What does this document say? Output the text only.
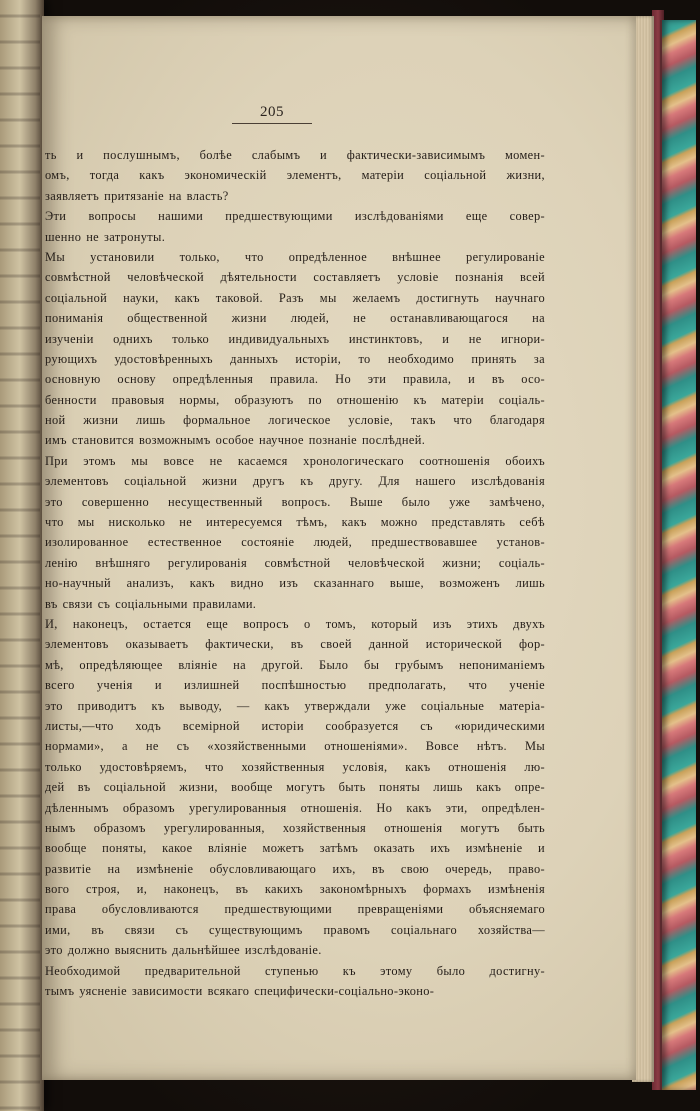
205
ть и послушнымъ, болѣе слабымъ и фактически-зависимымъ момен-
омъ, тогда какъ экономическій элементъ, матеріи соціальной жизни,
заявляетъ притязаніе на власть?
Эти вопросы нашими предшествующими изслѣдованіями еще совер-
шенно не затронуты.
Мы установили только, что опредѣленное внѣшнее регулированіе
совмѣстной человѣческой дѣятельности составляетъ условіе познанія всей
соціальной науки, какъ таковой. Разъ мы желаемъ достигнуть научнаго
пониманія общественной жизни людей, не останавливающагося на
изученіи однихъ только индивидуальныхъ инстинктовъ, и не игнори-
рующихъ удостовѣренныхъ данныхъ исторіи, то необходимо принять за
основную основу опредѣленныя правила. Но эти правила, и въ осо-
бенности правовыя нормы, образуютъ по отношенію къ матеріи соціаль-
ной жизни лишь формальное логическое условіе, такъ что благодаря
имъ становится возможнымъ особое научное познаніе послѣдней.
При этомъ мы вовсе не касаемся хронологическаго соотношенія обоихъ
элементовъ соціальной жизни другъ къ другу. Для нашего изслѣдованія
это совершенно несущественный вопросъ. Выше было уже замѣчено,
что мы нисколько не интересуемся тѣмъ, какъ можно представлять себѣ
изолированное естественное состояніе людей, предшествовавшее установ-
ленію внѣшняго регулированія совмѣстной человѣческой жизни; соціаль-
но-научный анализъ, какъ видно изъ сказаннаго выше, возможенъ лишь
въ связи съ соціальными правилами.
И, наконецъ, остается еще вопросъ о томъ, который изъ этихъ двухъ
элементовъ оказываетъ фактически, въ своей данной исторической фор-
мѣ, опредѣляющее вліяніе на другой. Было бы грубымъ непониманіемъ
всего ученія и излишней поспѣшностью предполагать, что ученіе
это приводитъ къ выводу, — какъ утверждали уже соціальные матеріа-
листы,—что ходъ всемірной исторіи сообразуется съ «юридическими
нормами», а не съ «хозяйственными отношеніями». Вовсе нѣтъ. Мы
только удостовѣряемъ, что хозяйственныя условія, какъ отношенія лю-
дей въ соціальной жизни, вообще могутъ быть поняты лишь какъ опре-
дѣленнымъ образомъ урегулированныя отношенія. Но какъ эти, опредѣлен-
нымъ образомъ урегулированныя, хозяйственныя отношенія могутъ быть
вообще поняты, какое вліяніе можетъ затѣмъ оказать ихъ измѣненіе и
развитіе на измѣненіе обусловливающаго ихъ, въ свою очередь, право-
вого строя, и, наконецъ, въ какихъ закономѣрныхъ формахъ измѣненія
права обусловливаются предшествующими превращеніями объясняемаго
ими, въ связи съ существующимъ правомъ соціальнаго хозяйства—
это должно выяснить дальнѣйшее изслѣдованіе.
Необходимой предварительной ступенью къ этому было достигну-
тымъ уясненіе зависимости всякаго специфически-соціально-эконо-
